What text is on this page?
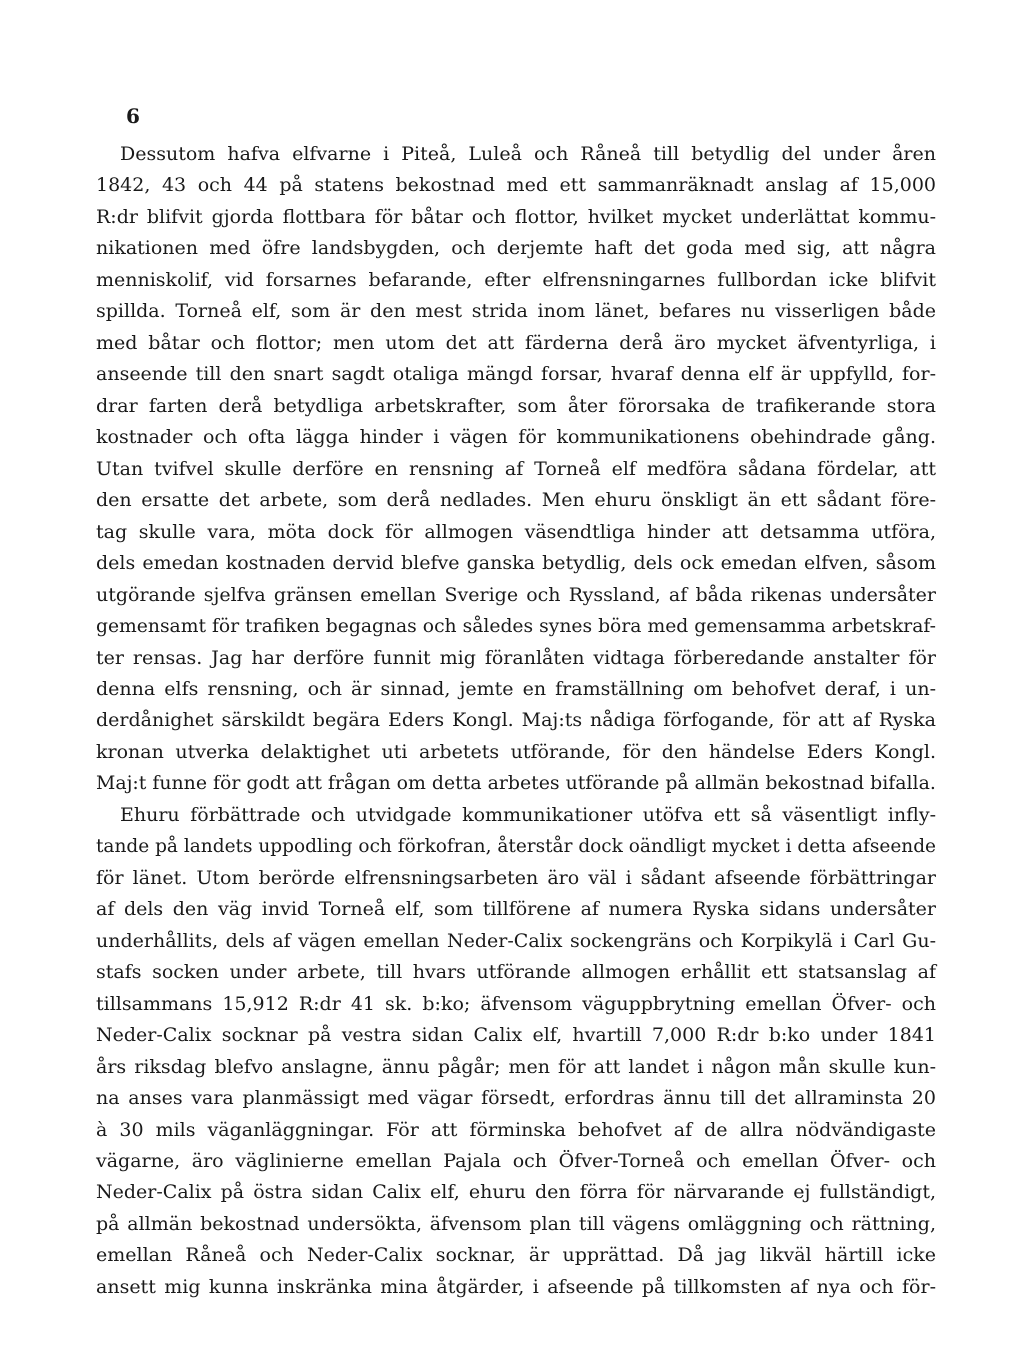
6
Dessutom hafva elfvarne i Piteå, Luleå och Råneå till betydlig del under åren
1842, 43 och 44 på statens bekostnad med ett sammanräknadt anslag af 15,000
R:dr blifvit gjorda flottbara för båtar och flottor, hvilket mycket underlättat kommu-
nikationen med öfre landsbygden, och derjemte haft det goda med sig, att några
menniskolif, vid forsarnes befarande, efter elfrensningarnes fullbordan icke blifvit
spillda. Torneå elf, som är den mest strida inom länet, befares nu visserligen både
med båtar och flottor; men utom det att färderna derå äro mycket äfventyrliga, i
anseende till den snart sagdt otaliga mängd forsar, hvaraf denna elf är uppfylld, for-
drar farten derå betydliga arbetskrafter, som åter förorsaka de trafikerande stora
kostnader och ofta lägga hinder i vägen för kommunikationens obehindrade gång.
Utan tvifvel skulle derföre en rensning af Torneå elf medföra sådana fördelar, att
den ersatte det arbete, som derå nedlades. Men ehuru önskligt än ett sådant före-
tag skulle vara, möta dock för allmogen väsendtliga hinder att detsamma utföra,
dels emedan kostnaden dervid blefve ganska betydlig, dels ock emedan elfven, såsom
utgörande sjelfva gränsen emellan Sverige och Ryssland, af båda rikenas undersåter
gemensamt för trafiken begagnas och således synes böra med gemensamma arbetskraf-
ter rensas. Jag har derföre funnit mig föranlåten vidtaga förberedande anstalter för
denna elfs rensning, och är sinnad, jemte en framställning om behofvet deraf, i un-
derdånighet särskildt begära Eders Kongl. Maj:ts nådiga förfogande, för att af Ryska
kronan utverka delaktighet uti arbetets utförande, för den händelse Eders Kongl.
Maj:t funne för godt att frågan om detta arbetes utförande på allmän bekostnad bifalla.
Ehuru förbättrade och utvidgade kommunikationer utöfva ett så väsentligt infly-
tande på landets uppodling och förkofran, återstår dock oändligt mycket i detta afseende
för länet. Utom berörde elfrensningsarbeten äro väl i sådant afseende förbättringar
af dels den väg invid Torneå elf, som tillförene af numera Ryska sidans undersåter
underhållits, dels af vägen emellan Neder-Calix sockengräns och Korpikylä i Carl Gu-
stafs socken under arbete, till hvars utförande allmogen erhållit ett statsanslag af
tillsammans 15,912 R:dr 41 sk. b:ko; äfvensom väguppbrytning emellan Öfver- och
Neder-Calix socknar på vestra sidan Calix elf, hvartill 7,000 R:dr b:ko under 1841
års riksdag blefvo anslagne, ännu pågår; men för att landet i någon mån skulle kun-
na anses vara planmässigt med vägar försedt, erfordras ännu till det allraminsta 20
à 30 mils väganläggningar. För att förminska behofvet af de allra nödvändigaste
vägarne, äro väglinierne emellan Pajala och Öfver-Torneå och emellan Öfver- och
Neder-Calix på östra sidan Calix elf, ehuru den förra för närvarande ej fullständigt,
på allmän bekostnad undersökta, äfvensom plan till vägens omläggning och rättning,
emellan Råneå och Neder-Calix socknar, är upprättad. Då jag likväl härtill icke
ansett mig kunna inskränka mina åtgärder, i afseende på tillkomsten af nya och för-
